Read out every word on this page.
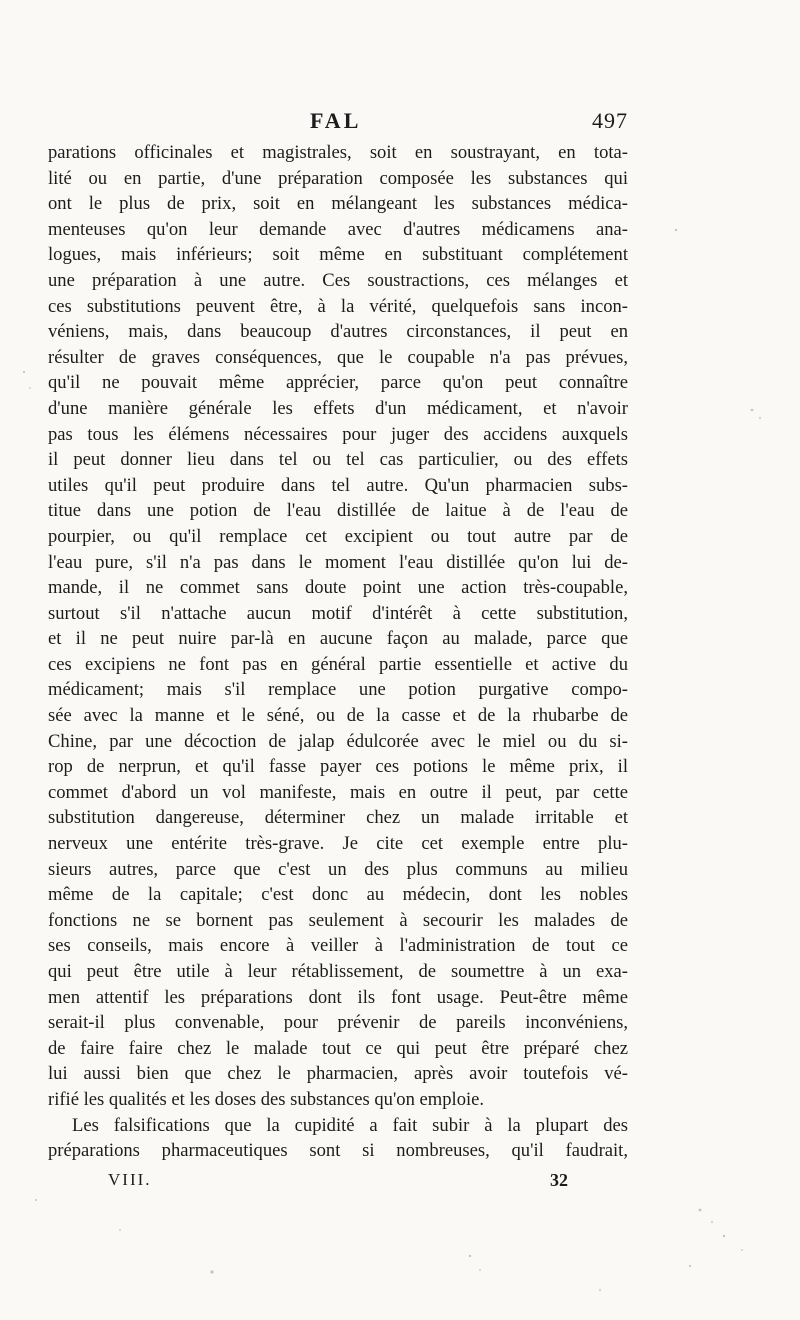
FAL	497
parations officinales et magistrales, soit en soustrayant, en tota-
lité ou en partie, d'une préparation composée les substances qui
ont le plus de prix, soit en mélangeant les substances médica-
menteuses qu'on leur demande avec d'autres médicamens ana-
logues, mais inférieurs; soit même en substituant complétement
une préparation à une autre. Ces soustractions, ces mélanges et
ces substitutions peuvent être, à la vérité, quelquefois sans incon-
véniens, mais, dans beaucoup d'autres circonstances, il peut en
résulter de graves conséquences, que le coupable n'a pas prévues,
qu'il ne pouvait même apprécier, parce qu'on peut connaître
d'une manière générale les effets d'un médicament, et n'avoir
pas tous les élémens nécessaires pour juger des accidens auxquels
il peut donner lieu dans tel ou tel cas particulier, ou des effets
utiles qu'il peut produire dans tel autre. Qu'un pharmacien subs-
titue dans une potion de l'eau distillée de laitue à de l'eau de
pourpier, ou qu'il remplace cet excipient ou tout autre par de
l'eau pure, s'il n'a pas dans le moment l'eau distillée qu'on lui de-
mande, il ne commet sans doute point une action très-coupable,
surtout s'il n'attache aucun motif d'intérêt à cette substitution,
et il ne peut nuire par-là en aucune façon au malade, parce que
ces excipiens ne font pas en général partie essentielle et active du
médicament; mais s'il remplace une potion purgative compo-
sée avec la manne et le séné, ou de la casse et de la rhubarbe de
Chine, par une décoction de jalap édulcorée avec le miel ou du si-
rop de nerprun, et qu'il fasse payer ces potions le même prix, il
commet d'abord un vol manifeste, mais en outre il peut, par cette
substitution dangereuse, déterminer chez un malade irritable et
nerveux une entérite très-grave. Je cite cet exemple entre plu-
sieurs autres, parce que c'est un des plus communs au milieu
même de la capitale; c'est donc au médecin, dont les nobles
fonctions ne se bornent pas seulement à secourir les malades de
ses conseils, mais encore à veiller à l'administration de tout ce
qui peut être utile à leur rétablissement, de soumettre à un exa-
men attentif les préparations dont ils font usage. Peut-être même
serait-il plus convenable, pour prévenir de pareils inconvéniens,
de faire faire chez le malade tout ce qui peut être préparé chez
lui aussi bien que chez le pharmacien, après avoir toutefois vé-
rifié les qualités et les doses des substances qu'on emploie.
Les falsifications que la cupidité a fait subir à la plupart des
préparations pharmaceutiques sont si nombreuses, qu'il faudrait,
VIII.	32
